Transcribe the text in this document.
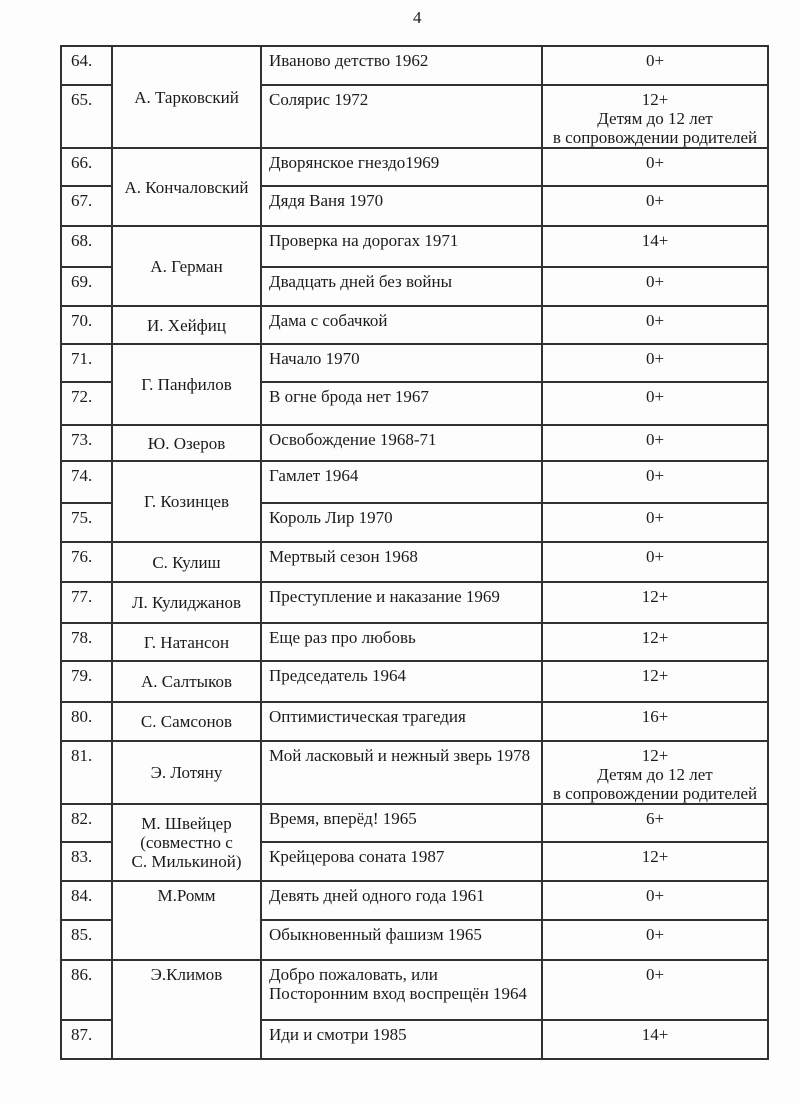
4
64.	А. Тарковский	Иваново детство 1962	0+

65.		Солярис 1972	12+
Детям до 12 лет
в сопровождении родителей

66.	А. Кончаловский	Дворянское гнездо1969	0+

67.		Дядя Ваня 1970	0+

68.	А. Герман	Проверка на дорогах 1971	14+

69.		Двадцать дней без войны	0+

70.	И. Хейфиц	Дама с собачкой	0+

71.	Г. Панфилов	Начало 1970	0+

72.		В огне брода нет 1967	0+

73.	Ю. Озеров	Освобождение 1968-71	0+

74.	Г. Козинцев	Гамлет 1964	0+

75.		Король Лир 1970	0+

76.	С. Кулиш	Мертвый сезон 1968	0+

77.	Л. Кулиджанов	Преступление и наказание 1969	12+

78.	Г. Натансон	Еще раз про любовь	12+

79.	А. Салтыков	Председатель 1964	12+

80.	С. Самсонов	Оптимистическая трагедия	16+

81.	Э. Лотяну	Мой ласковый и нежный зверь 1978	12+
Детям до 12 лет
в сопровождении родителей

82.	М. Швейцер
(совместно с
С. Милькиной)	Время, вперёд! 1965	6+

83.		Крейцерова соната 1987	12+

84.	М.Ромм	Девять дней одного года 1961	0+

85.		Обыкновенный фашизм 1965	0+

86.	Э.Климов	Добро пожаловать, или
Посторонним вход воспрещён 1964	0+

87.		Иди и смотри 1985	14+
